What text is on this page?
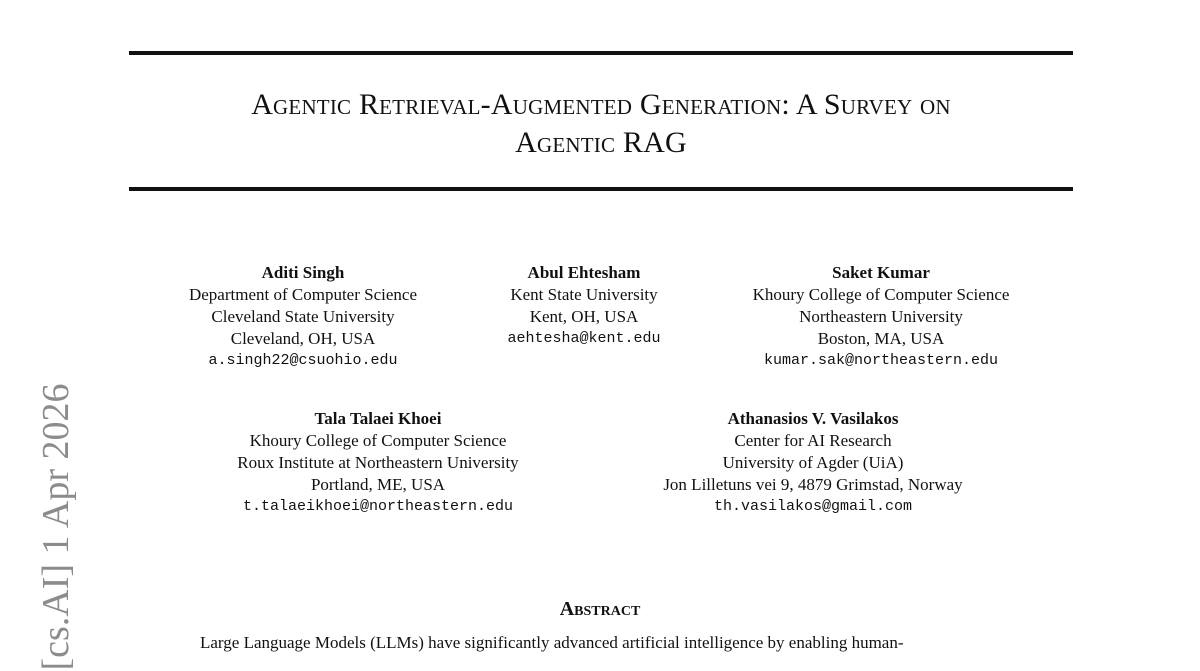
Agentic Retrieval-Augmented Generation: A Survey on
Agentic RAG
Aditi Singh
Department of Computer Science
Cleveland State University
Cleveland, OH, USA
a.singh22@csuohio.edu
Abul Ehtesham
Kent State University
Kent, OH, USA
aehtesha@kent.edu
Saket Kumar
Khoury College of Computer Science
Northeastern University
Boston, MA, USA
kumar.sak@northeastern.edu
Tala Talaei Khoei
Khoury College of Computer Science
Roux Institute at Northeastern University
Portland, ME, USA
t.talaeikhoei@northeastern.edu
Athanasios V. Vasilakos
Center for AI Research
University of Agder (UiA)
Jon Lilletuns vei 9, 4879 Grimstad, Norway
th.vasilakos@gmail.com
Abstract
Large Language Models (LLMs) have significantly advanced artificial intelligence by enabling human-
[cs.AI] 1 Apr 2026
